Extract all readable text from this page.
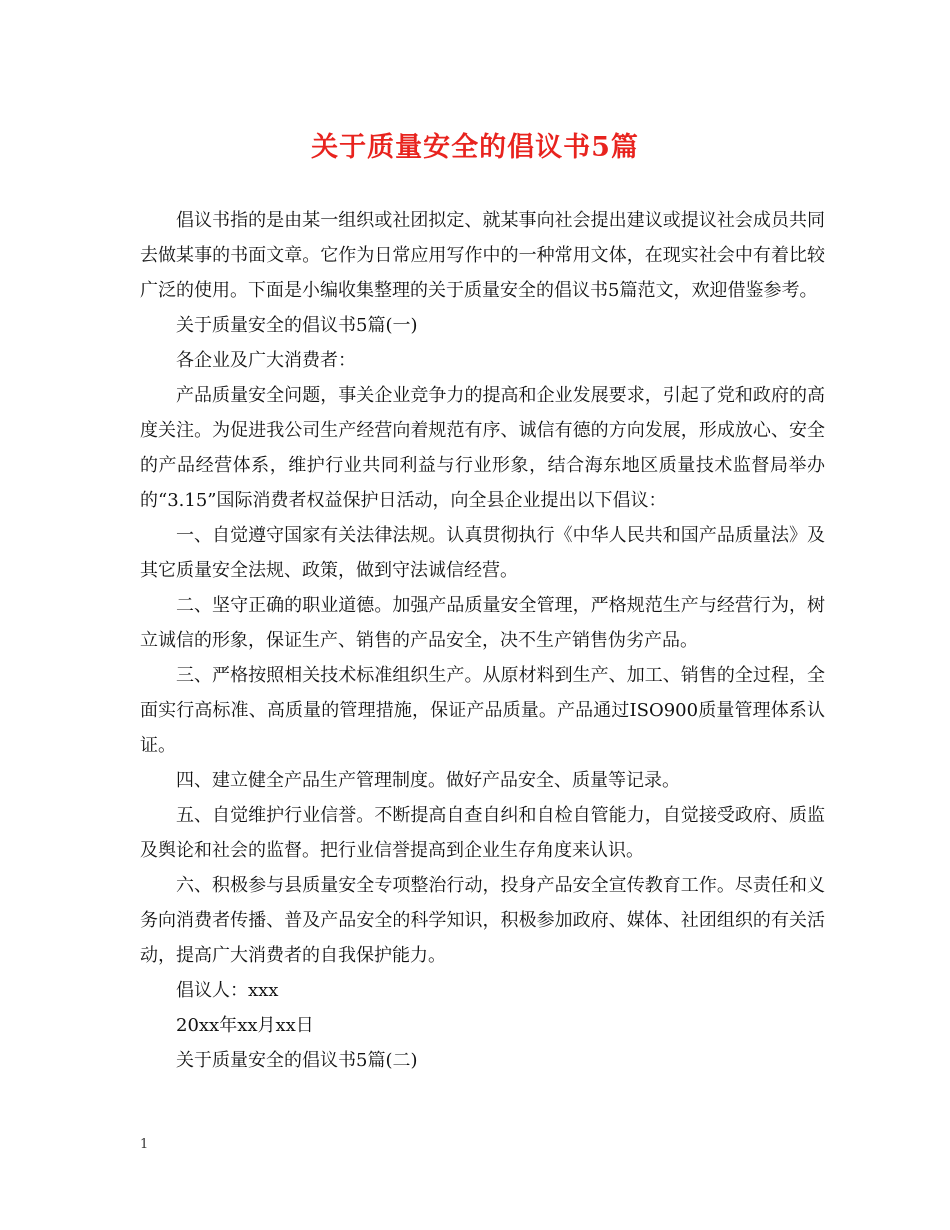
关于质量安全的倡议书5篇

倡议书指的是由某一组织或社团拟定、就某事向社会提出建议或提议社会成员共同去做某事的书面文章。它作为日常应用写作中的一种常用文体，在现实社会中有着比较广泛的使用。下面是小编收集整理的关于质量安全的倡议书5篇范文，欢迎借鉴参考。

关于质量安全的倡议书5篇(一)

各企业及广大消费者：

产品质量安全问题，事关企业竞争力的提高和企业发展要求，引起了党和政府的高度关注。为促进我公司生产经营向着规范有序、诚信有德的方向发展，形成放心、安全的产品经营体系，维护行业共同利益与行业形象，结合海东地区质量技术监督局举办的“3.15”国际消费者权益保护日活动，向全县企业提出以下倡议：

一、自觉遵守国家有关法律法规。认真贯彻执行《中华人民共和国产品质量法》及其它质量安全法规、政策，做到守法诚信经营。

二、坚守正确的职业道德。加强产品质量安全管理，严格规范生产与经营行为，树立诚信的形象，保证生产、销售的产品安全，决不生产销售伪劣产品。

三、严格按照相关技术标准组织生产。从原材料到生产、加工、销售的全过程，全面实行高标准、高质量的管理措施，保证产品质量。产品通过ISO900质量管理体系认证。

四、建立健全产品生产管理制度。做好产品安全、质量等记录。

五、自觉维护行业信誉。不断提高自查自纠和自检自管能力，自觉接受政府、质监及舆论和社会的监督。把行业信誉提高到企业生存角度来认识。

六、积极参与县质量安全专项整治行动，投身产品安全宣传教育工作。尽责任和义务向消费者传播、普及产品安全的科学知识，积极参加政府、媒体、社团组织的有关活动，提高广大消费者的自我保护能力。

倡议人：xxx

20xx年xx月xx日

关于质量安全的倡议书5篇(二)

1
